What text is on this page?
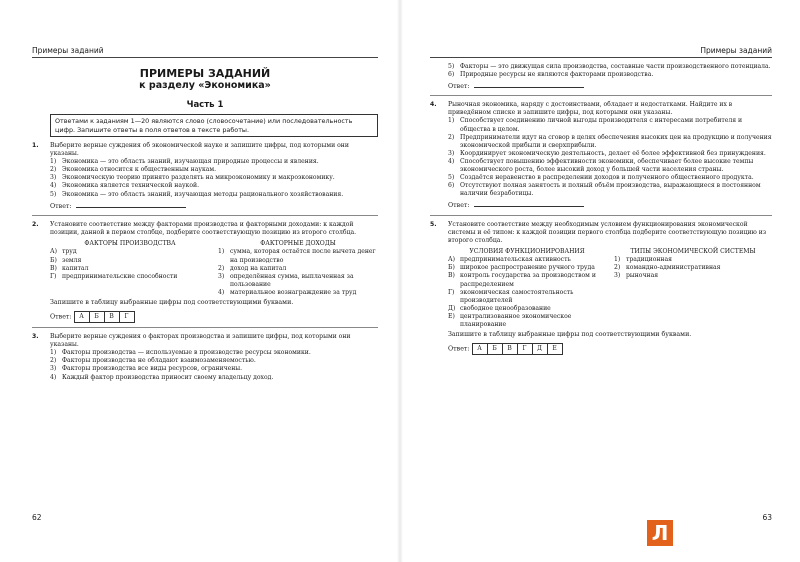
Примеры заданий
ПРИМЕРЫ ЗАДАНИЙ
к разделу «Экономика»
Часть 1
Ответами к заданиям 1—20 являются слово (словосочетание) или последовательность цифр. Запишите ответы в поля ответов в тексте работы.
1. Выберите верные суждения об экономической науке и запишите цифры, под которыми они указаны.
1) Экономика — это область знаний, изучающая природные процессы и явления.
2) Экономика относится к общественным наукам.
3) Экономическую теорию принято разделять на микроэкономику и макроэкономику.
4) Экономика является технической наукой.
5) Экономика — это область знаний, изучающая методы рационального хозяйствования.
Ответ:
2. Установите соответствие между факторами производства и факторными доходами: к каждой позиции, данной в первом столбце, подберите соответствующую позицию из второго столбца.
ФАКТОРЫ ПРОИЗВОДСТВА
А) труд
Б) земля
В) капитал
Г) предпринимательские способности
ФАКТОРНЫЕ ДОХОДЫ
1) сумма, которая остаётся после вычета денег на производство
2) доход на капитал
3) определённая сумма, выплаченная за пользование
4) материальное вознаграждение за труд
Запишите в таблицу выбранные цифры под соответствующими буквами.
Ответ:	А	Б	В	Г
3. Выберите верные суждения о факторах производства и запишите цифры, под которыми они указаны.
1) Факторы производства — используемые в производстве ресурсы экономики.
2) Факторы производства не обладают взаимозаменяемостью.
3) Факторы производства все виды ресурсов, ограничены.
4) Каждый фактор производства приносит своему владельцу доход.
62
Примеры заданий
5) Факторы — это движущая сила производства, составные части производственного потенциала.
6) Природные ресурсы не являются факторами производства.
Ответ:
4. Рыночная экономика, наряду с достоинствами, обладает и недостатками. Найдите их в приведённом списке и запишите цифры, под которыми они указаны.
1) Способствует соединению личной выгоды производителя с интересами потребителя и общества в целом.
2) Предприниматели идут на сговор в целях обеспечения высоких цен на продукцию и получения экономической прибыли и сверхприбыли.
3) Координирует экономическую деятельность, делает её более эффективной без принуждения.
4) Способствует повышению эффективности экономики, обеспечивает более высокие темпы экономического роста, более высокий доход у большей части населения страны.
5) Создаётся неравенство в распределении доходов и полученного общественного продукта.
6) Отсутствуют полная занятость и полный объём производства, выражающиеся в постоянном наличии безработицы.
Ответ:
5. Установите соответствие между необходимым условием функционирования экономической системы и её типом: к каждой позиции первого столбца подберите соответствующую позицию из второго столбца.
УСЛОВИЯ ФУНКЦИОНИРОВАНИЯ
А) предпринимательская активность
Б) широкое распространение ручного труда
В) контроль государства за производством и распределением
Г) экономическая самостоятельность производителей
Д) свободное ценообразование
Е) централизованное экономическое планирование
ТИПЫ ЭКОНОМИЧЕСКОЙ СИСТЕМЫ
1) традиционная
2) командно-административная
3) рыночная
Запишите в таблицу выбранные цифры под соответствующими буквами.
Ответ:	А	Б	В	Г	Д	Е
63
Л
